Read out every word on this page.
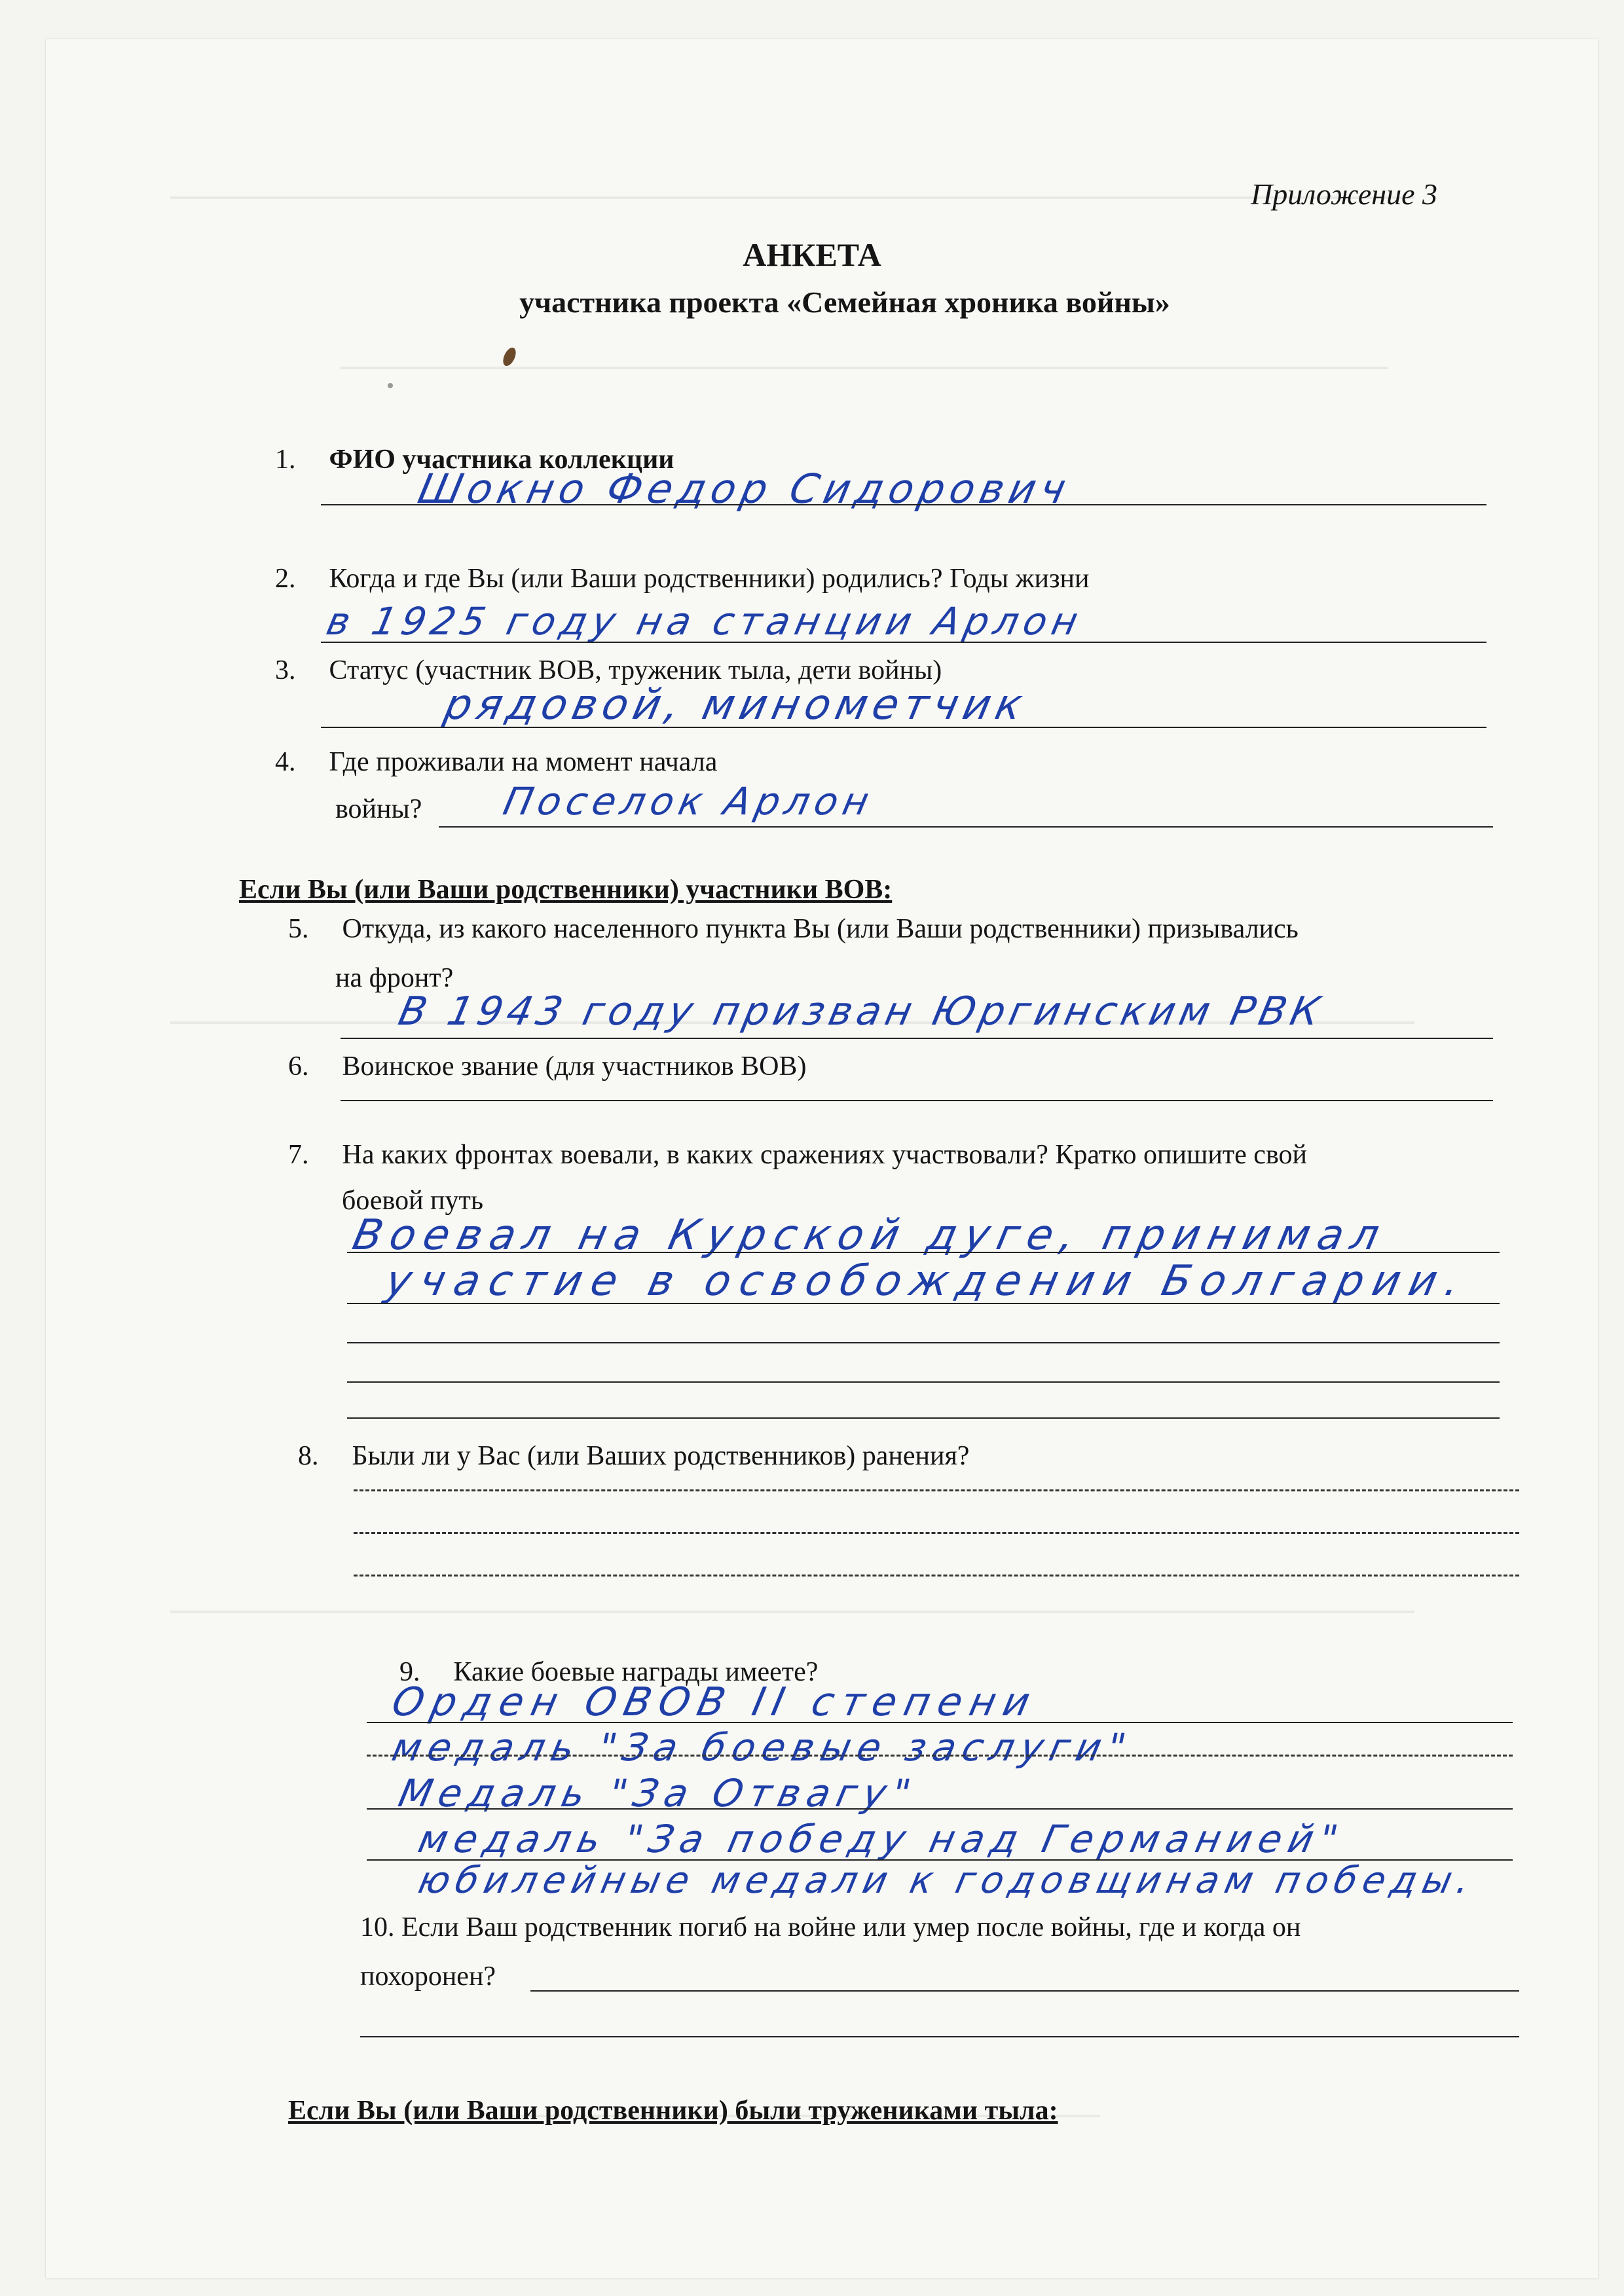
Приложение 3
АНКЕТА
участника проекта «Семейная хроника войны»
1. ФИО участника коллекции
Шокно Федор Сидорович
2. Когда и где Вы (или Ваши родственники) родились? Годы жизни
в 1925 году на станции Арлон
3. Статус (участник ВОВ, труженик тыла, дети войны)
рядовой, минометчик
4. Где проживали на момент начала
войны? Поселок Арлон
Если Вы (или Ваши родственники) участники ВОВ:
5. Откуда, из какого населенного пункта Вы (или Ваши родственники) призывались
на фронт?
В 1943 году призван Юргинским РВК
6. Воинское звание (для участников ВОВ)
7. На каких фронтах воевали, в каких сражениях участвовали? Кратко опишите свой
боевой путь
Воевал на Курской дуге, принимал
участие в освобождении Болгарии.
8. Были ли у Вас (или Ваших родственников) ранения?
9. Какие боевые награды имеете?
Орден ОВОВ II степени
медаль "За боевые заслуги"
Медаль "За Отвагу"
медаль "За победу над Германией"
юбилейные медали к годовщинам победы.
10. Если Ваш родственник погиб на войне или умер после войны, где и когда он
похоронен?
Если Вы (или Ваши родственники) были тружениками тыла:
